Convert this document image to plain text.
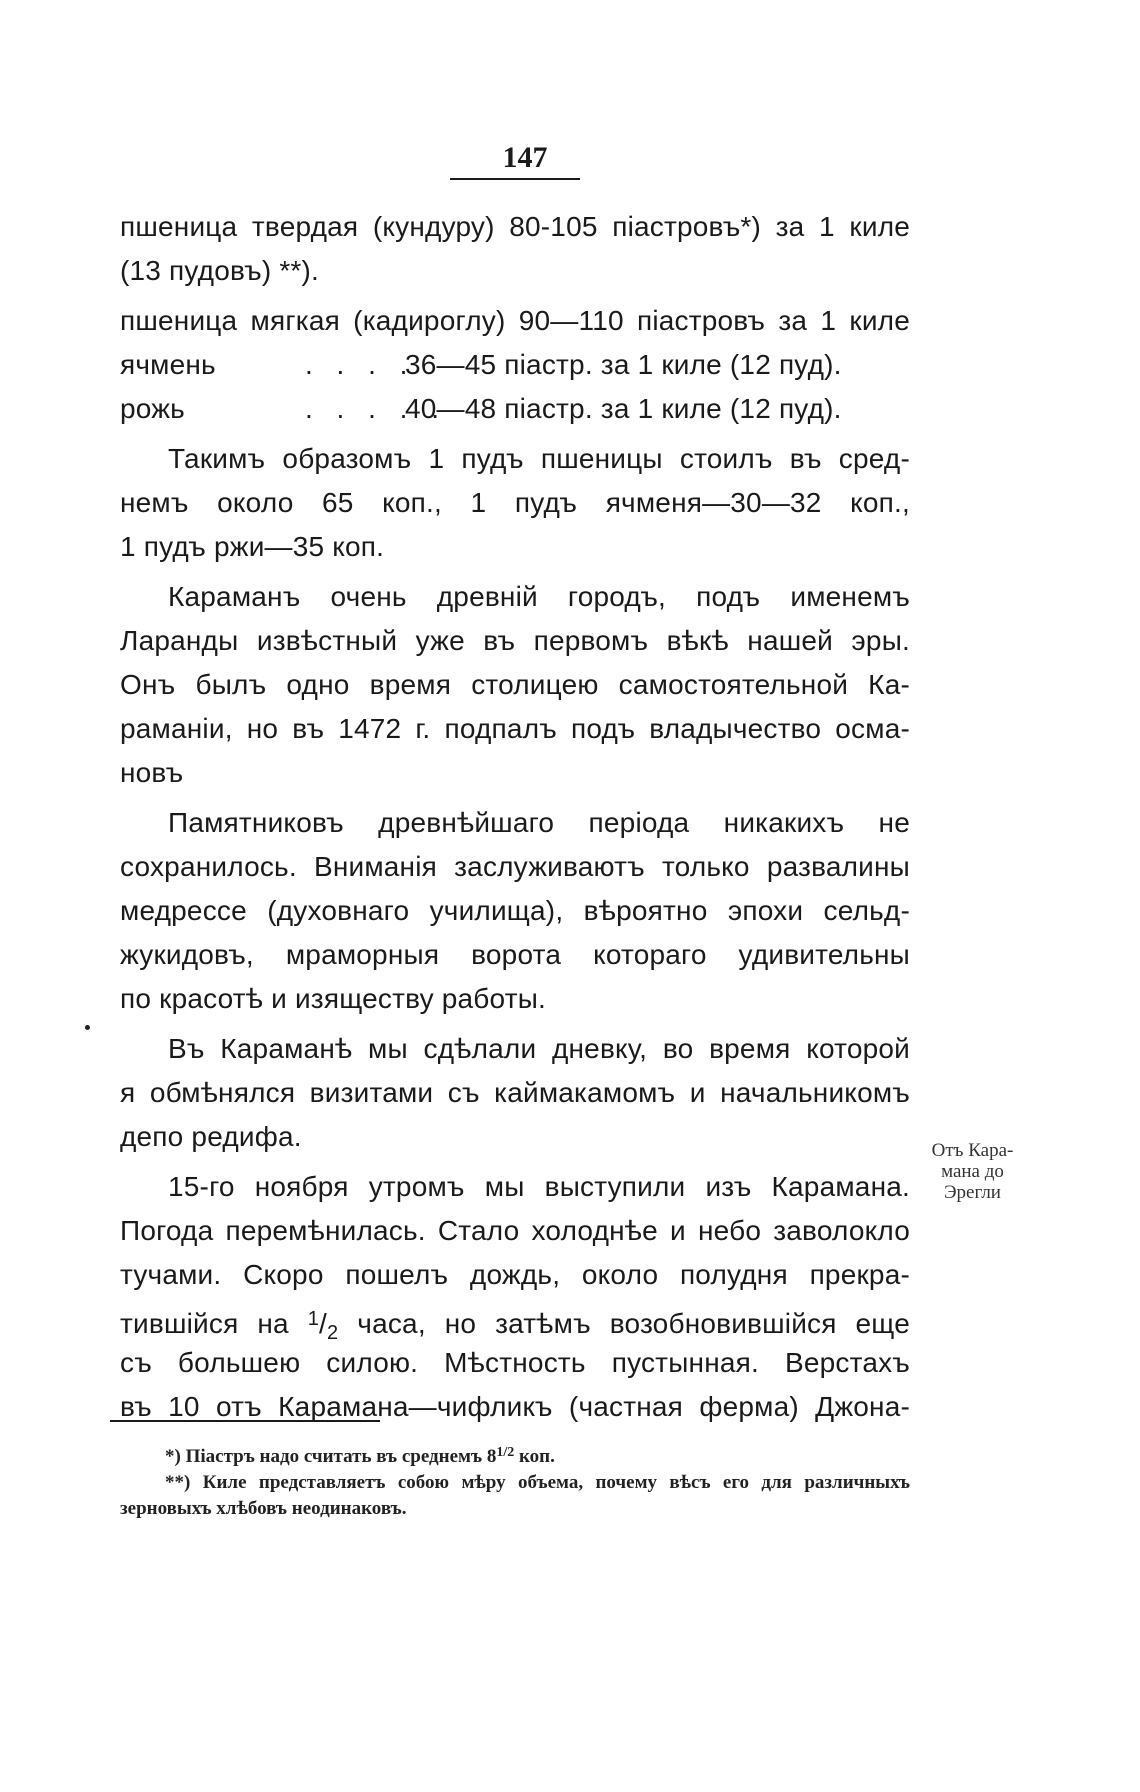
147
пшеница твердая (кундуру) 80-105 піастровъ*) за 1 киле
(13 пудовъ) **).
пшеница мягкая (кадироглу) 90—110 піастровъ за 1 киле
ячмень	. . . .
36—45 піастр. за 1 киле (12 пуд).
рожь	. . . . .
40—48 піастр. за 1 киле (12 пуд).
Такимъ образомъ 1 пудъ пшеницы стоилъ въ сред-
немъ около 65 коп., 1 пудъ ячменя—30—32 коп.,
1 пудъ ржи—35 коп.
Караманъ очень древній городъ, подъ именемъ
Ларанды извѣстный уже въ первомъ вѣкѣ нашей эры.
Онъ былъ одно время столицею самостоятельной Ка-
раманіи, но въ 1472 г. подпалъ подъ владычество осма-
новъ
Памятниковъ древнѣйшаго періода никакихъ не
сохранилось. Вниманія заслуживаютъ только развалины
медрессе (духовнаго училища), вѣроятно эпохи сельд-
жукидовъ, мраморныя ворота котораго удивительны
по красотѣ и изяществу работы.
Въ Караманѣ мы сдѣлали дневку, во время которой
я обмѣнялся визитами съ каймакамомъ и начальникомъ
депо редифа.
15-го ноября утромъ мы выступили изъ Карамана.
Погода перемѣнилась. Стало холоднѣе и небо заволокло
тучами. Скоро пошелъ дождь, около полудня прекра-
тившійся на $^1/_2$ часа, но затѣмъ возобновившійся еще
съ большею силою. Мѣстность пустынная. Верстахъ
въ 10 отъ Карамана—чифликъ (частная ферма) Джона-
Отъ Кара-
мана до
Эрегли
*) Піастръ надо считать въ среднемъ $8^{1/2}$ коп.
**) Киле представляетъ собою мѣру объема, почему вѣсъ его для различныхъ зерновыхъ хлѣбовъ неодинаковъ.
